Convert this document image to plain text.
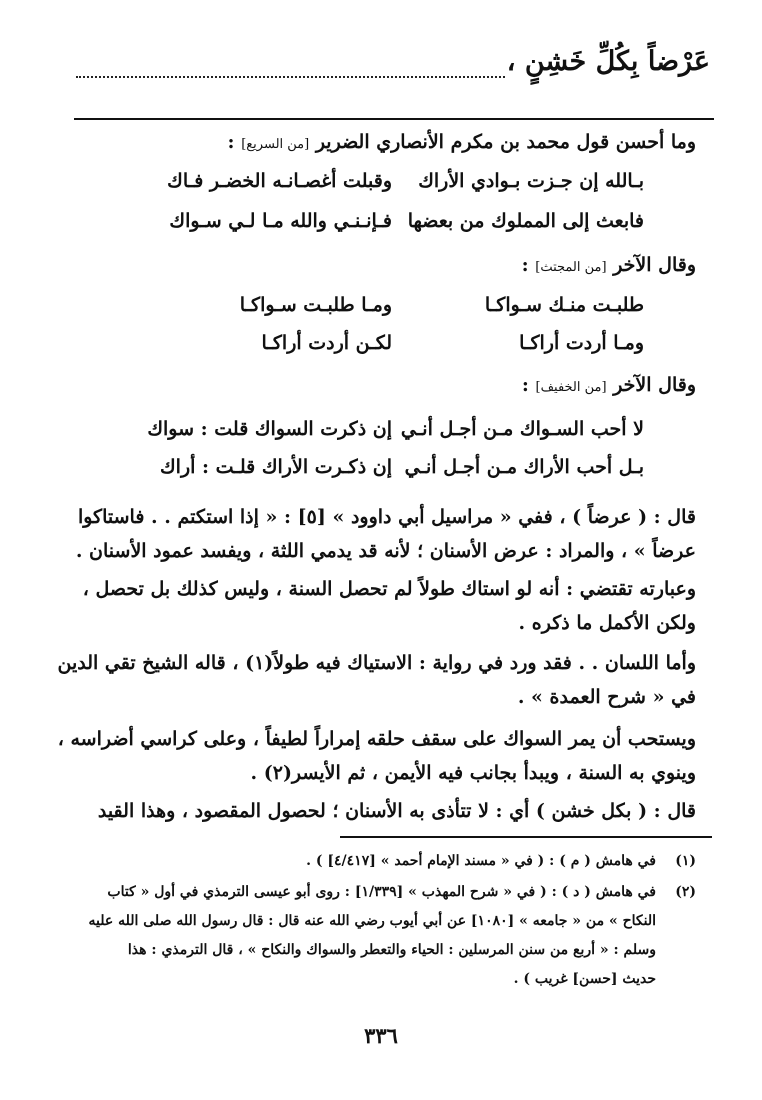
عَرْضاً بِكُلِّ خَشِنٍ ،
وما أحسن قول محمد بن مكرم الأنصاري الضرير [من السريع] :
بـالله إن جـزت بـوادي الأراك
وقبلت أغصـانـه الخضـر فـاك
فابعث إلى المملوك من بعضها
فـإنـنـي والله مـا لـي سـواك
وقال الآخر [من المجتث] :
طلبـت منـك سـواكـا
ومـا طلبـت سـواكـا
ومـا أردت أراكـا
لكـن أردت أراكـا
وقال الآخر [من الخفيف] :
لا أحب السـواك مـن أجـل أنـي
إن ذكرت السواك قلت : سواك
بـل أحب الأراك مـن أجـل أنـي
إن ذكـرت الأراك قلـت : أراك
قال : ( عرضاً ) ، ففي « مراسيل أبي داوود » [٥] : « إذا استكتم . . فاستاكوا
عرضاً » ، والمراد : عرض الأسنان ؛ لأنه قد يدمي اللثة ، ويفسد عمود الأسنان .
وعبارته تقتضي : أنه لو استاك طولاً لم تحصل السنة ، وليس كذلك بل تحصل ،
ولكن الأكمل ما ذكره .
وأما اللسان . . فقد ورد في رواية : الاستياك فيه طولاً(١) ، قاله الشيخ تقي الدين
في « شرح العمدة » .
ويستحب أن يمر السواك على سقف حلقه إمراراً لطيفاً ، وعلى كراسي أضراسه ،
وينوي به السنة ، ويبدأ بجانب فيه الأيمن ، ثم الأيسر(٢) .
قال : ( بكل خشن ) أي : لا تتأذى به الأسنان ؛ لحصول المقصود ، وهذا القيد
(١)
في هامش ( م ) : ( في « مسند الإمام أحمد » [٤/٤١٧] ) .
(٢)
في هامش ( د ) : ( في « شرح المهذب » [١/٣٣٩] : روى أبو عيسى الترمذي في أول « كتاب
النكاح » من « جامعه » [١٠٨٠] عن أبي أيوب رضي الله عنه قال : قال رسول الله صلى الله عليه
وسلم : « أربع من سنن المرسلين : الحياء والتعطر والسواك والنكاح » ، قال الترمذي : هذا
حديث [حسن] غريب ) .
٣٣٦
